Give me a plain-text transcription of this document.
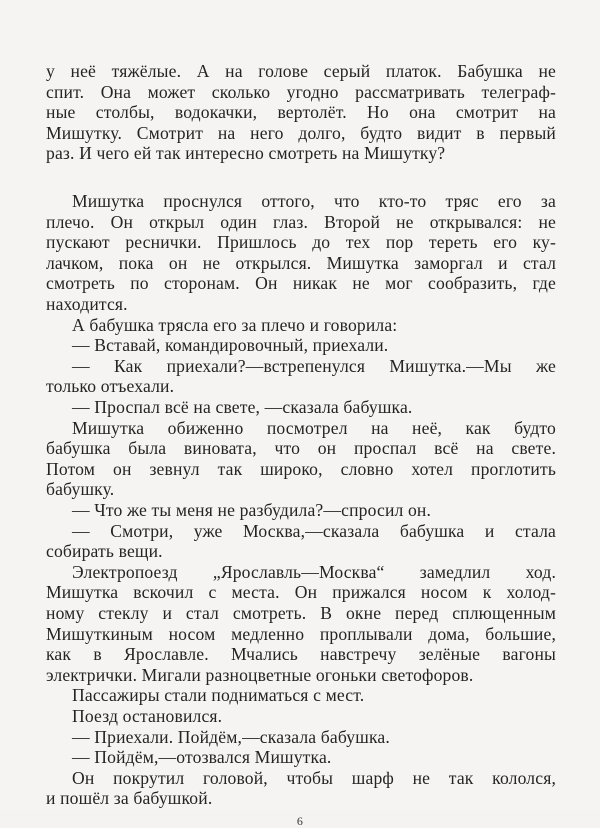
у неё тяжёлые. А на голове серый платок. Бабушка не
спит. Она может сколько угодно рассматривать телеграф-
ные столбы, водокачки, вертолёт. Но она смотрит на
Мишутку. Смотрит на него долго, будто видит в первый
раз. И чего ей так интересно смотреть на Мишутку?
Мишутка проснулся оттого, что кто-то тряс его за
плечо. Он открыл один глаз. Второй не открывался: не
пускают реснички. Пришлось до тех пор тереть его ку-
лачком, пока он не открылся. Мишутка заморгал и стал
смотреть по сторонам. Он никак не мог сообразить, где
находится.
А бабушка трясла его за плечо и говорила:
— Вставай, командировочный, приехали.
— Как приехали?—встрепенулся Мишутка.—Мы же
только отъехали.
— Проспал всё на свете, —сказала бабушка.
Мишутка обиженно посмотрел на неё, как будто
бабушка была виновата, что он проспал всё на свете.
Потом он зевнул так широко, словно хотел проглотить
бабушку.
— Что же ты меня не разбудила?—спросил он.
— Смотри, уже Москва,—сказала бабушка и стала
собирать вещи.
Электропоезд „Ярославль—Москва“ замедлил ход.
Мишутка вскочил с места. Он прижался носом к холод-
ному стеклу и стал смотреть. В окне перед сплющенным
Мишуткиным носом медленно проплывали дома, большие,
как в Ярославле. Мчались навстречу зелёные вагоны
электрички. Мигали разноцветные огоньки светофоров.
Пассажиры стали подниматься с мест.
Поезд остановился.
— Приехали. Пойдём,—сказала бабушка.
— Пойдём,—отозвался Мишутка.
Он покрутил головой, чтобы шарф не так кололся,
и пошёл за бабушкой.
6
